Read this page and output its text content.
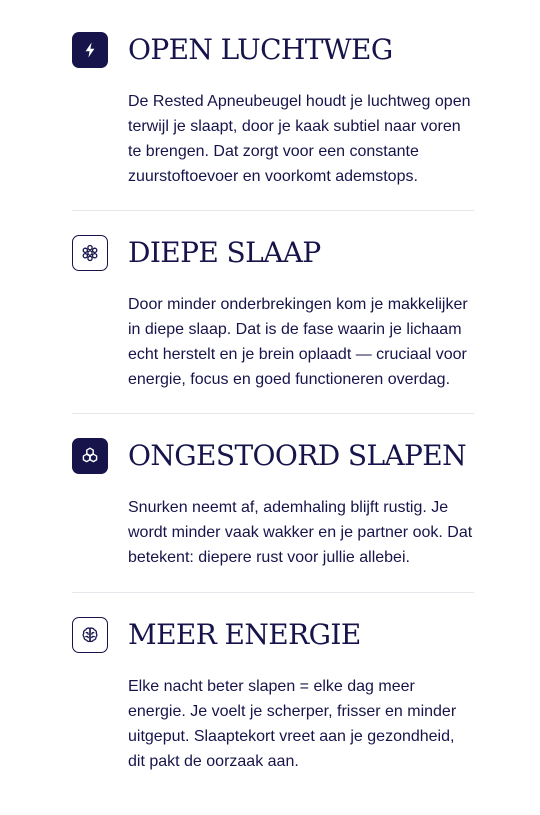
OPEN LUCHTWEG

De Rested Apneubeugel houdt je luchtweg open terwijl je slaapt, door je kaak subtiel naar voren te brengen. Dat zorgt voor een constante zuurstoftoevoer en voorkomt ademstops.

DIEPE SLAAP

Door minder onderbrekingen kom je makkelijker in diepe slaap. Dat is de fase waarin je lichaam echt herstelt en je brein oplaadt — cruciaal voor energie, focus en goed functioneren overdag.

ONGESTOORD SLAPEN

Snurken neemt af, ademhaling blijft rustig. Je wordt minder vaak wakker en je partner ook. Dat betekent: diepere rust voor jullie allebei.

MEER ENERGIE

Elke nacht beter slapen = elke dag meer energie. Je voelt je scherper, frisser en minder uitgeput. Slaaptekort vreet aan je gezondheid, dit pakt de oorzaak aan.
